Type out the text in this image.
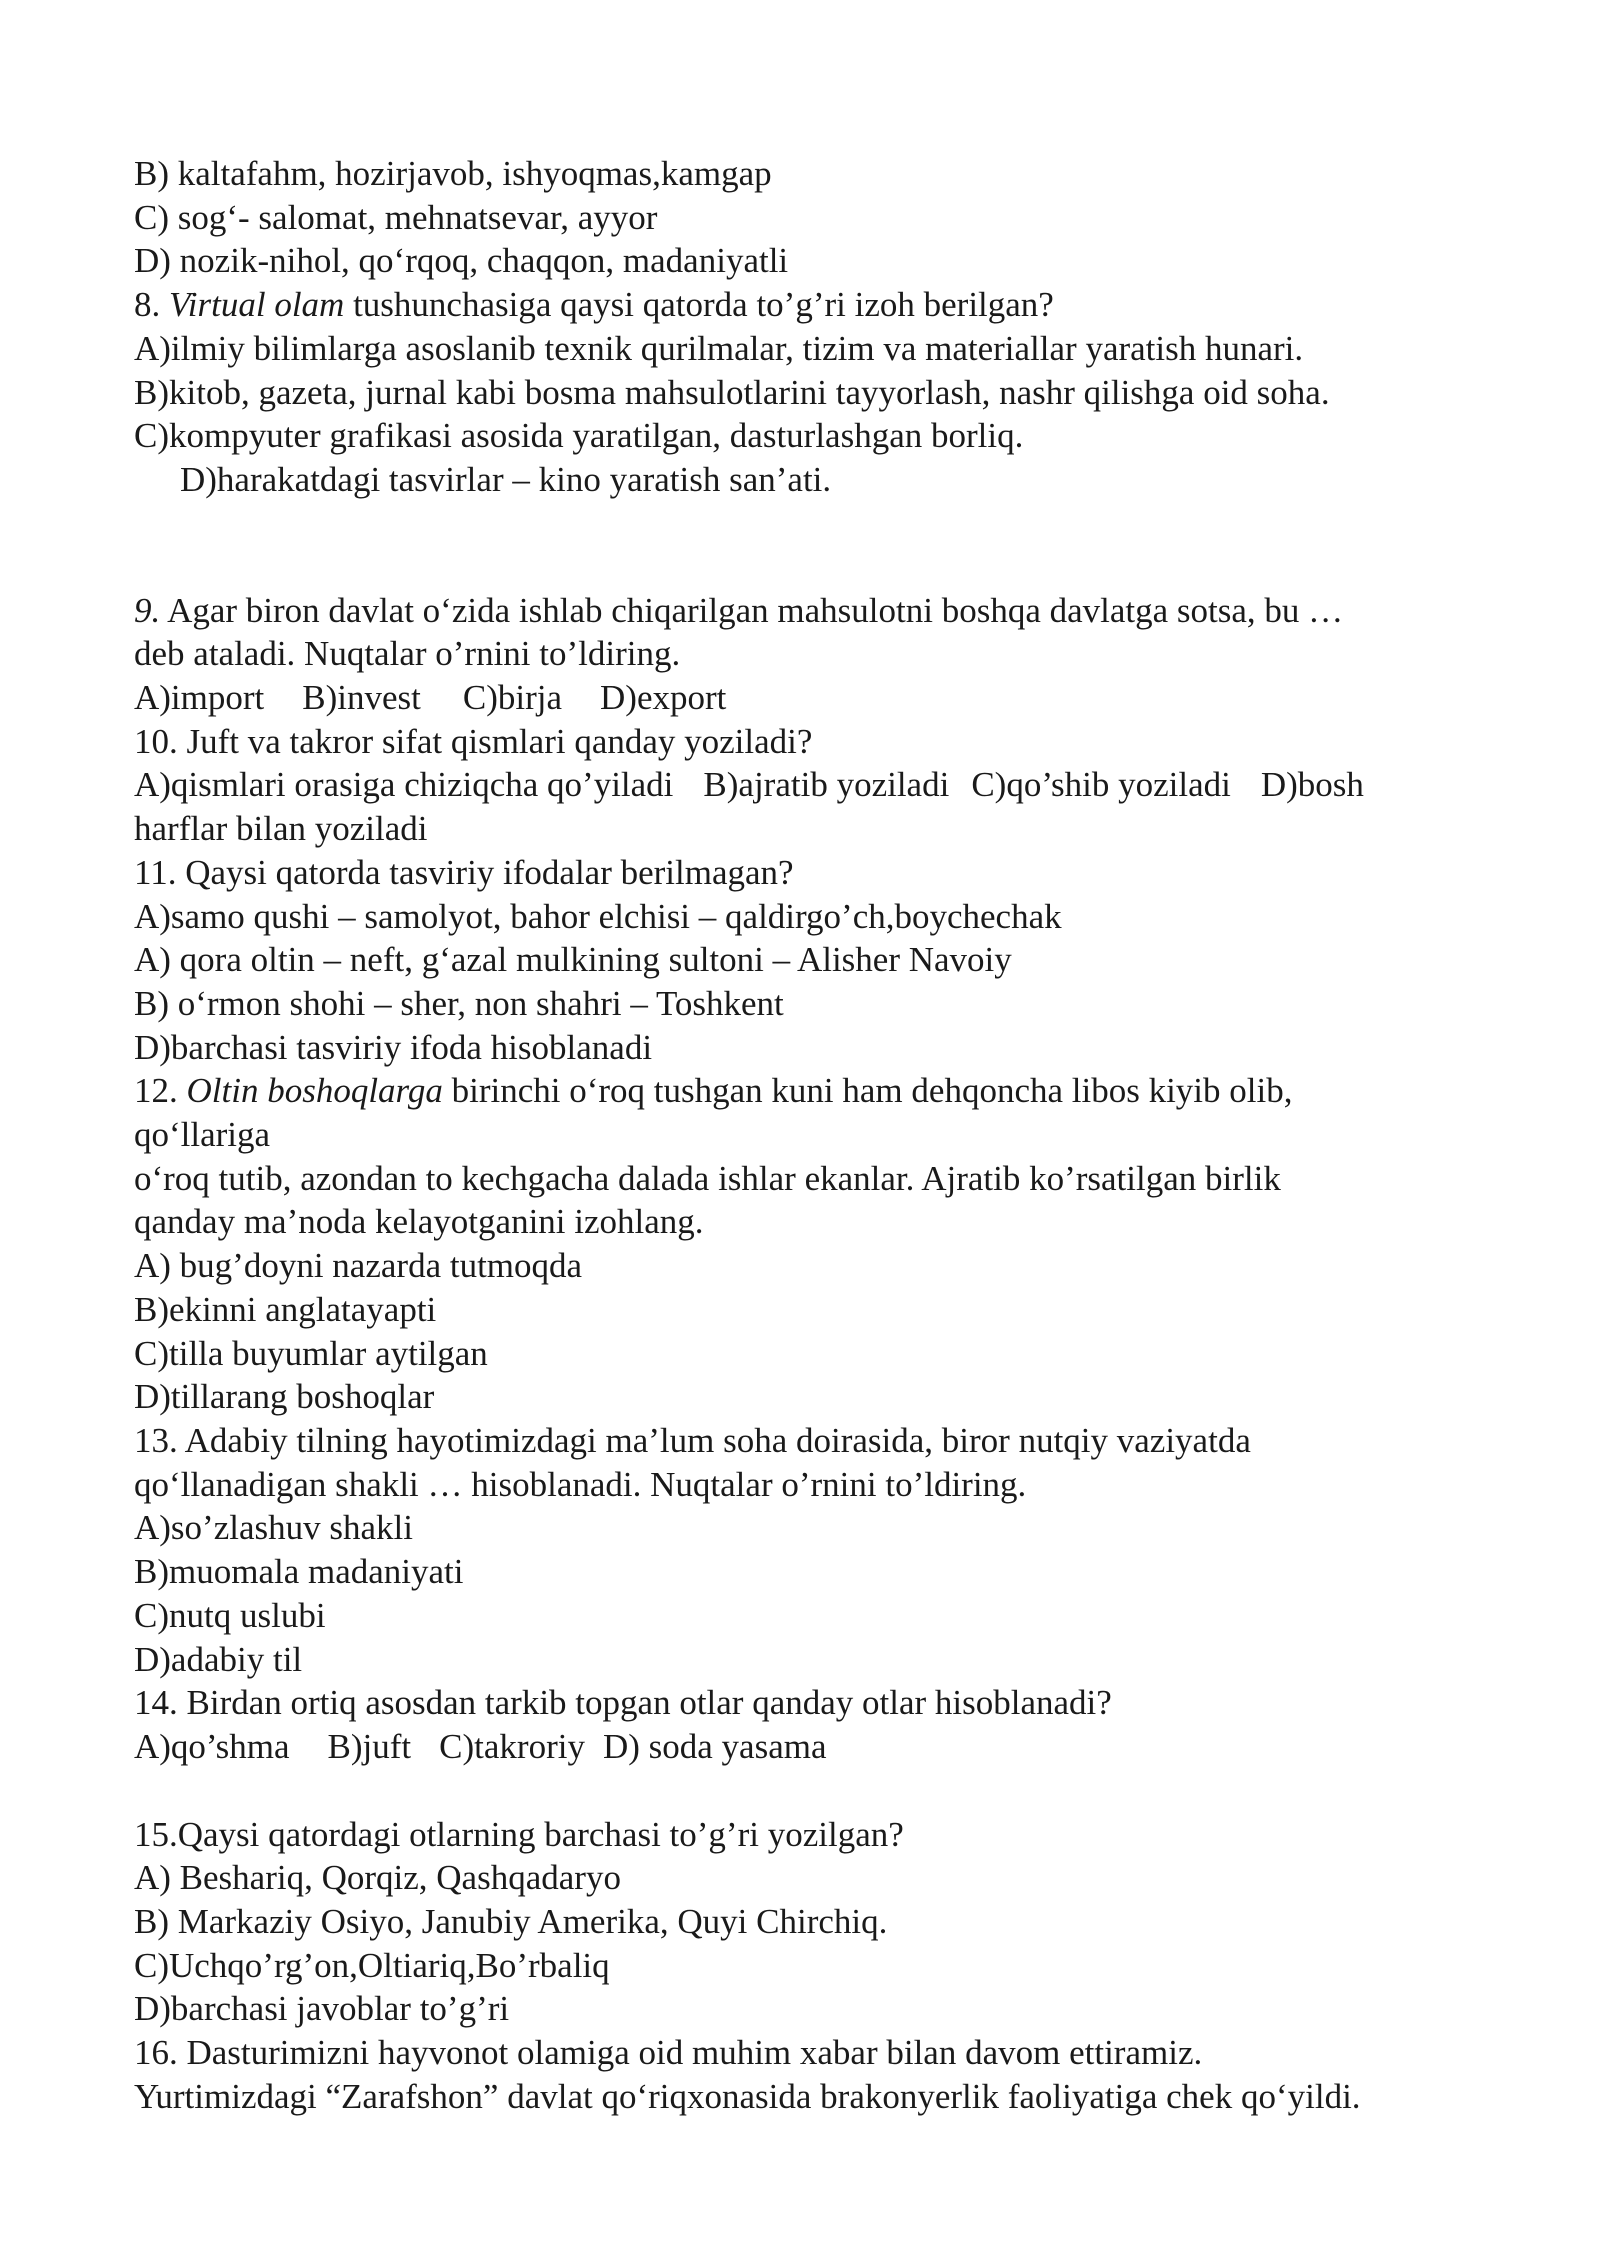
B) kaltafahm, hozirjavob, ishyoqmas,kamgap
C) sog‘- salomat, mehnatsevar, ayyor
D) nozik-nihol, qo‘rqoq, chaqqon, madaniyatli
8. Virtual olam tushunchasiga qaysi qatorda to’g’ri izoh berilgan?
A)ilmiy bilimlarga asoslanib texnik qurilmalar, tizim va materiallar yaratish hunari.
B)kitob, gazeta, jurnal kabi bosma mahsulotlarini tayyorlash, nashr qilishga oid soha.
C)kompyuter grafikasi asosida yaratilgan, dasturlashgan borliq.
D)harakatdagi tasvirlar – kino yaratish san’ati.
9. Agar biron davlat o‘zida ishlab chiqarilgan mahsulotni boshqa davlatga sotsa, bu …
deb ataladi. Nuqtalar o’rnini to’ldiring.
A)import B)invest C)birja D)export
10. Juft va takror sifat qismlari qanday yoziladi?
A)qismlari orasiga chiziqcha qo’yiladi B)ajratib yoziladi C)qo’shib yoziladi D)bosh
harflar bilan yoziladi
11. Qaysi qatorda tasviriy ifodalar berilmagan?
A)samo qushi – samolyot, bahor elchisi – qaldirgo’ch,boychechak
A) qora oltin – neft, g‘azal mulkining sultoni – Alisher Navoiy
B) o‘rmon shohi – sher, non shahri – Toshkent
D)barchasi tasviriy ifoda hisoblanadi
12. Oltin boshoqlarga birinchi o‘roq tushgan kuni ham dehqoncha libos kiyib olib,
qo‘llariga
o‘roq tutib, azondan to kechgacha dalada ishlar ekanlar. Ajratib ko’rsatilgan birlik
qanday ma’noda kelayotganini izohlang.
A) bug’doyni nazarda tutmoqda
B)ekinni anglatayapti
C)tilla buyumlar aytilgan
D)tillarang boshoqlar
13. Adabiy tilning hayotimizdagi ma’lum soha doirasida, biror nutqiy vaziyatda
qo‘llanadigan shakli … hisoblanadi. Nuqtalar o’rnini to’ldiring.
A)so’zlashuv shakli
B)muomala madaniyati
C)nutq uslubi
D)adabiy til
14. Birdan ortiq asosdan tarkib topgan otlar qanday otlar hisoblanadi?
A)qo’shma B)juft C)takroriy D) soda yasama
15.Qaysi qatordagi otlarning barchasi to’g’ri yozilgan?
A) Beshariq, Qorqiz, Qashqadaryo
B) Markaziy Osiyo, Janubiy Amerika, Quyi Chirchiq.
C)Uchqo’rg’on,Oltiariq,Bo’rbaliq
D)barchasi javoblar to’g’ri
16. Dasturimizni hayvonot olamiga oid muhim xabar bilan davom ettiramiz.
Yurtimizdagi “Zarafshon” davlat qo‘riqxonasida brakonyerlik faoliyatiga chek qo‘yildi.
